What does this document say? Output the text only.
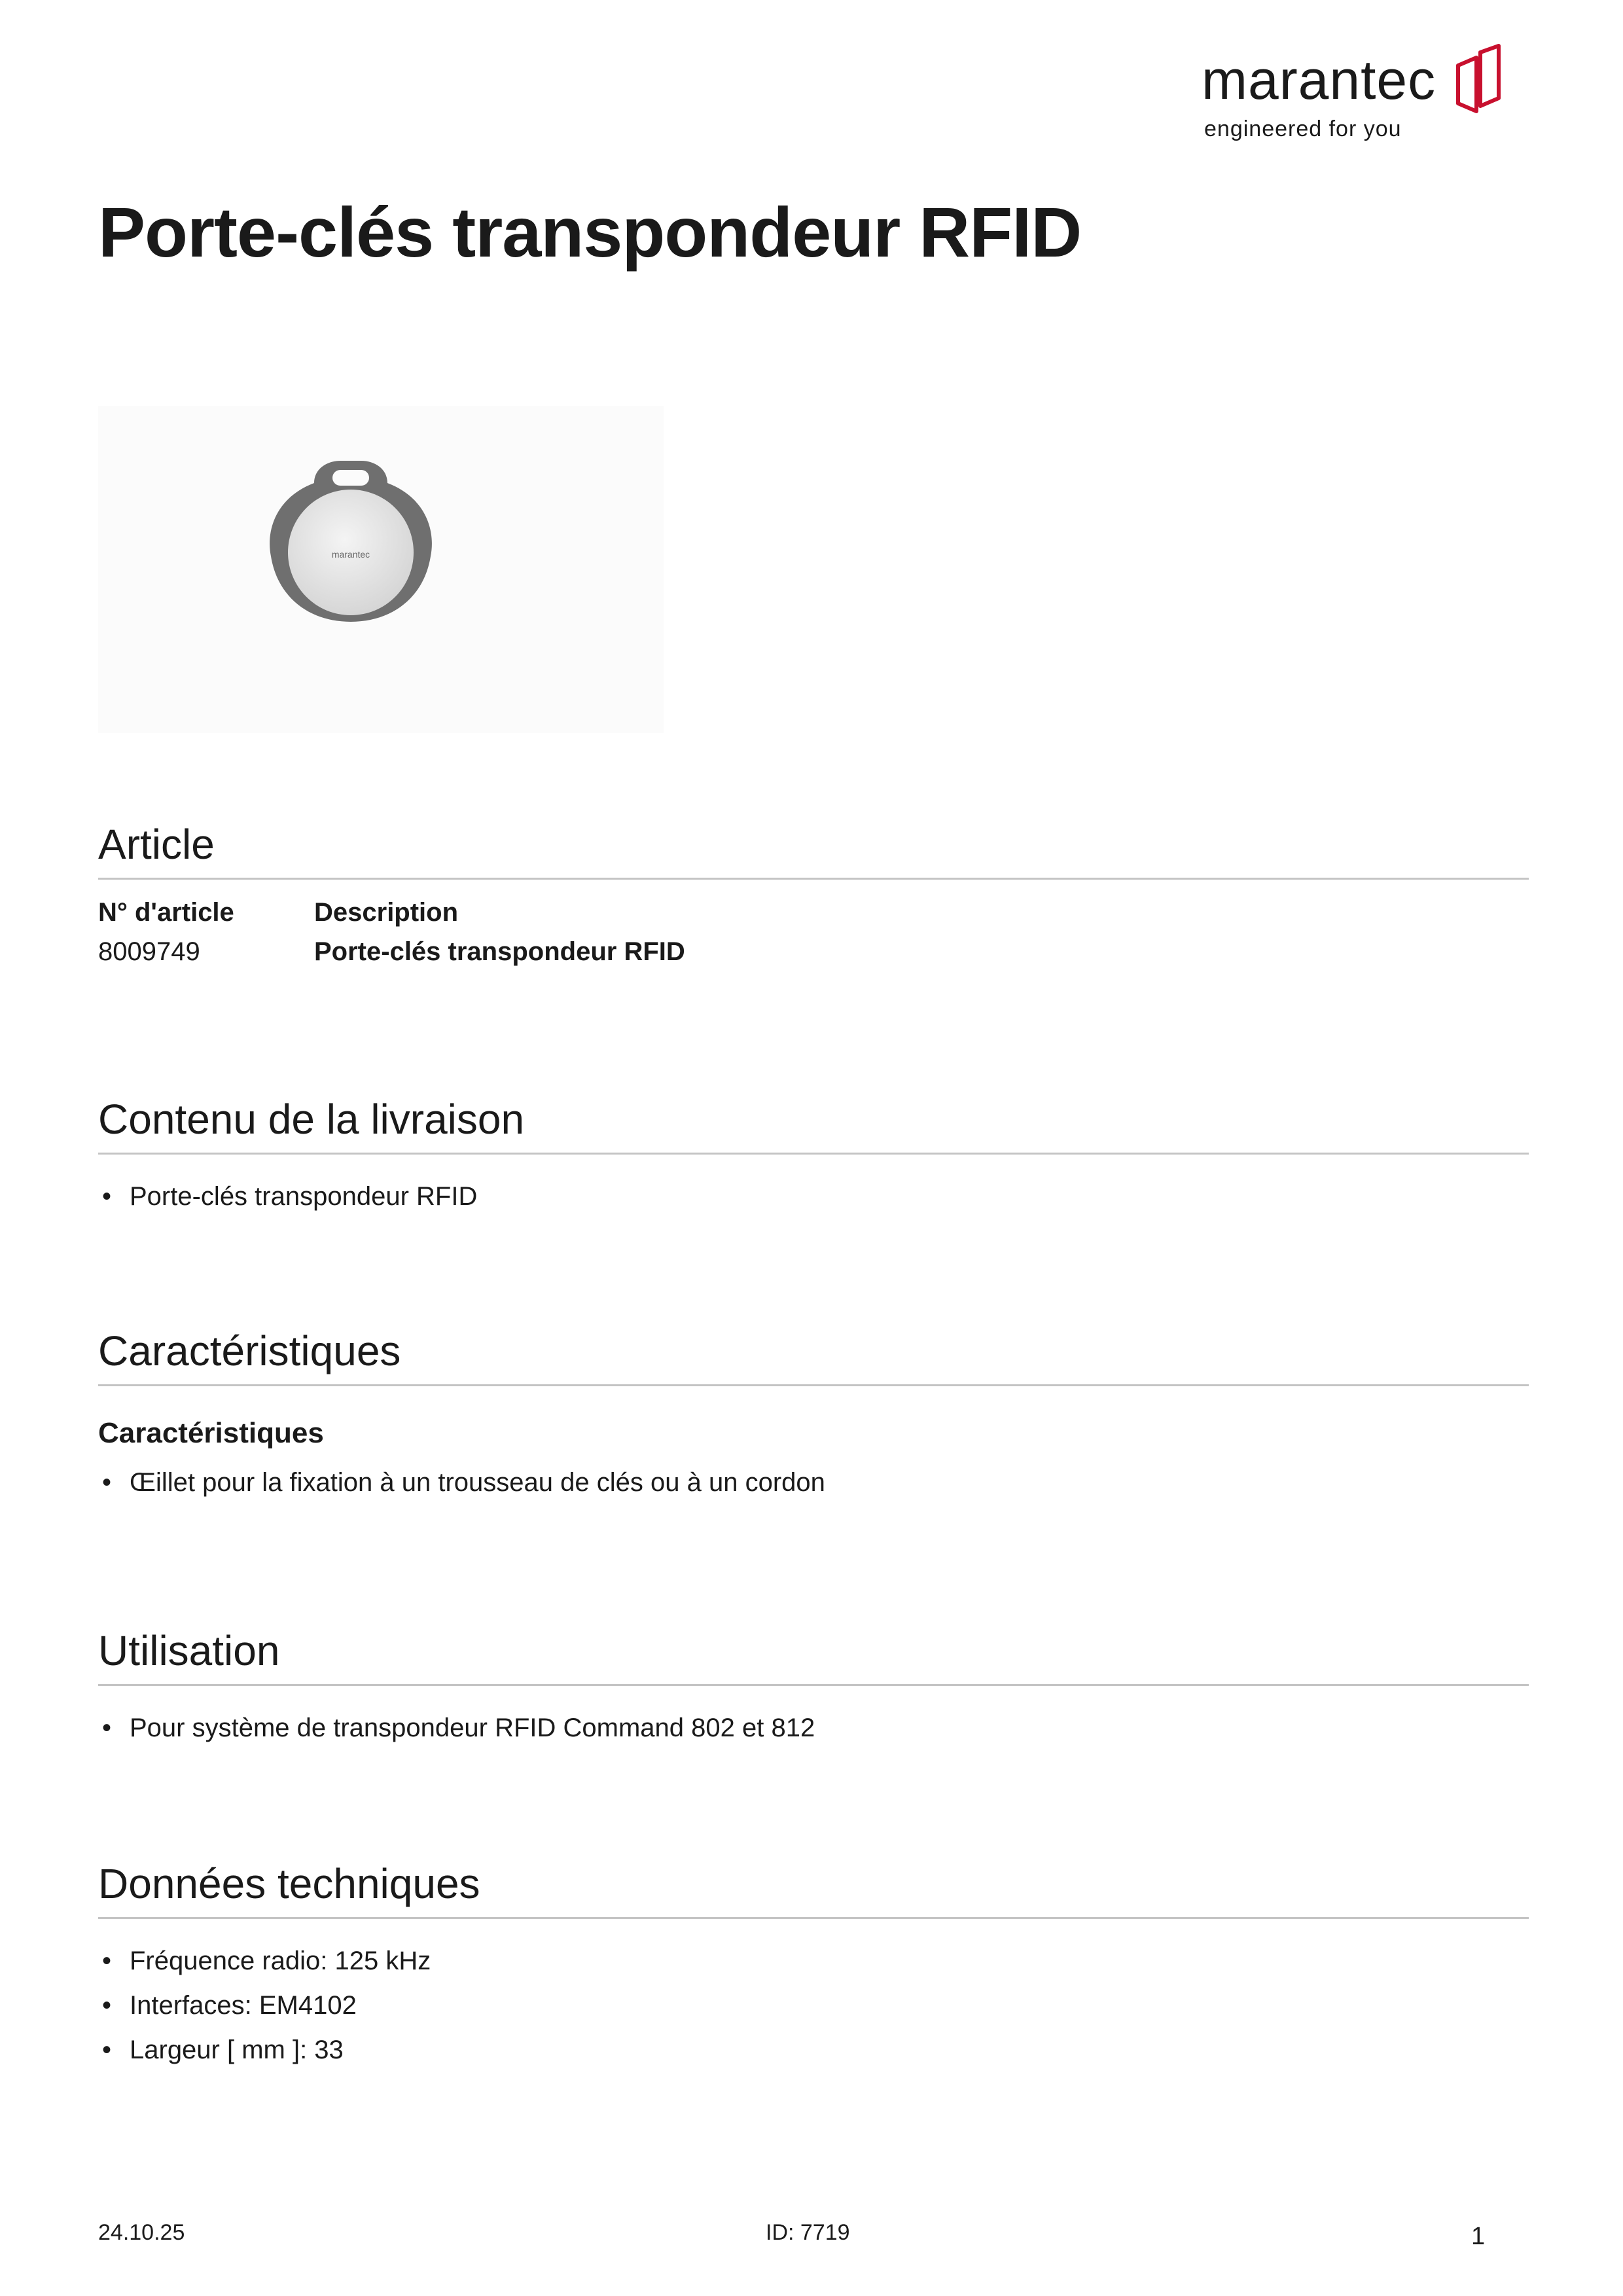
marantec
engineered for you
Porte-clés transpondeur RFID
marantec
Article
N° d'article	Description
8009749	Porte-clés transpondeur RFID
Contenu de la livraison
• Porte-clés transpondeur RFID
Caractéristiques
Caractéristiques
• Œillet pour la fixation à un trousseau de clés ou à un cordon
Utilisation
• Pour système de transpondeur RFID Command 802 et 812
Données techniques
• Fréquence radio: 125 kHz
• Interfaces: EM4102
• Largeur [ mm ]: 33
24.10.25	ID: 7719	1
